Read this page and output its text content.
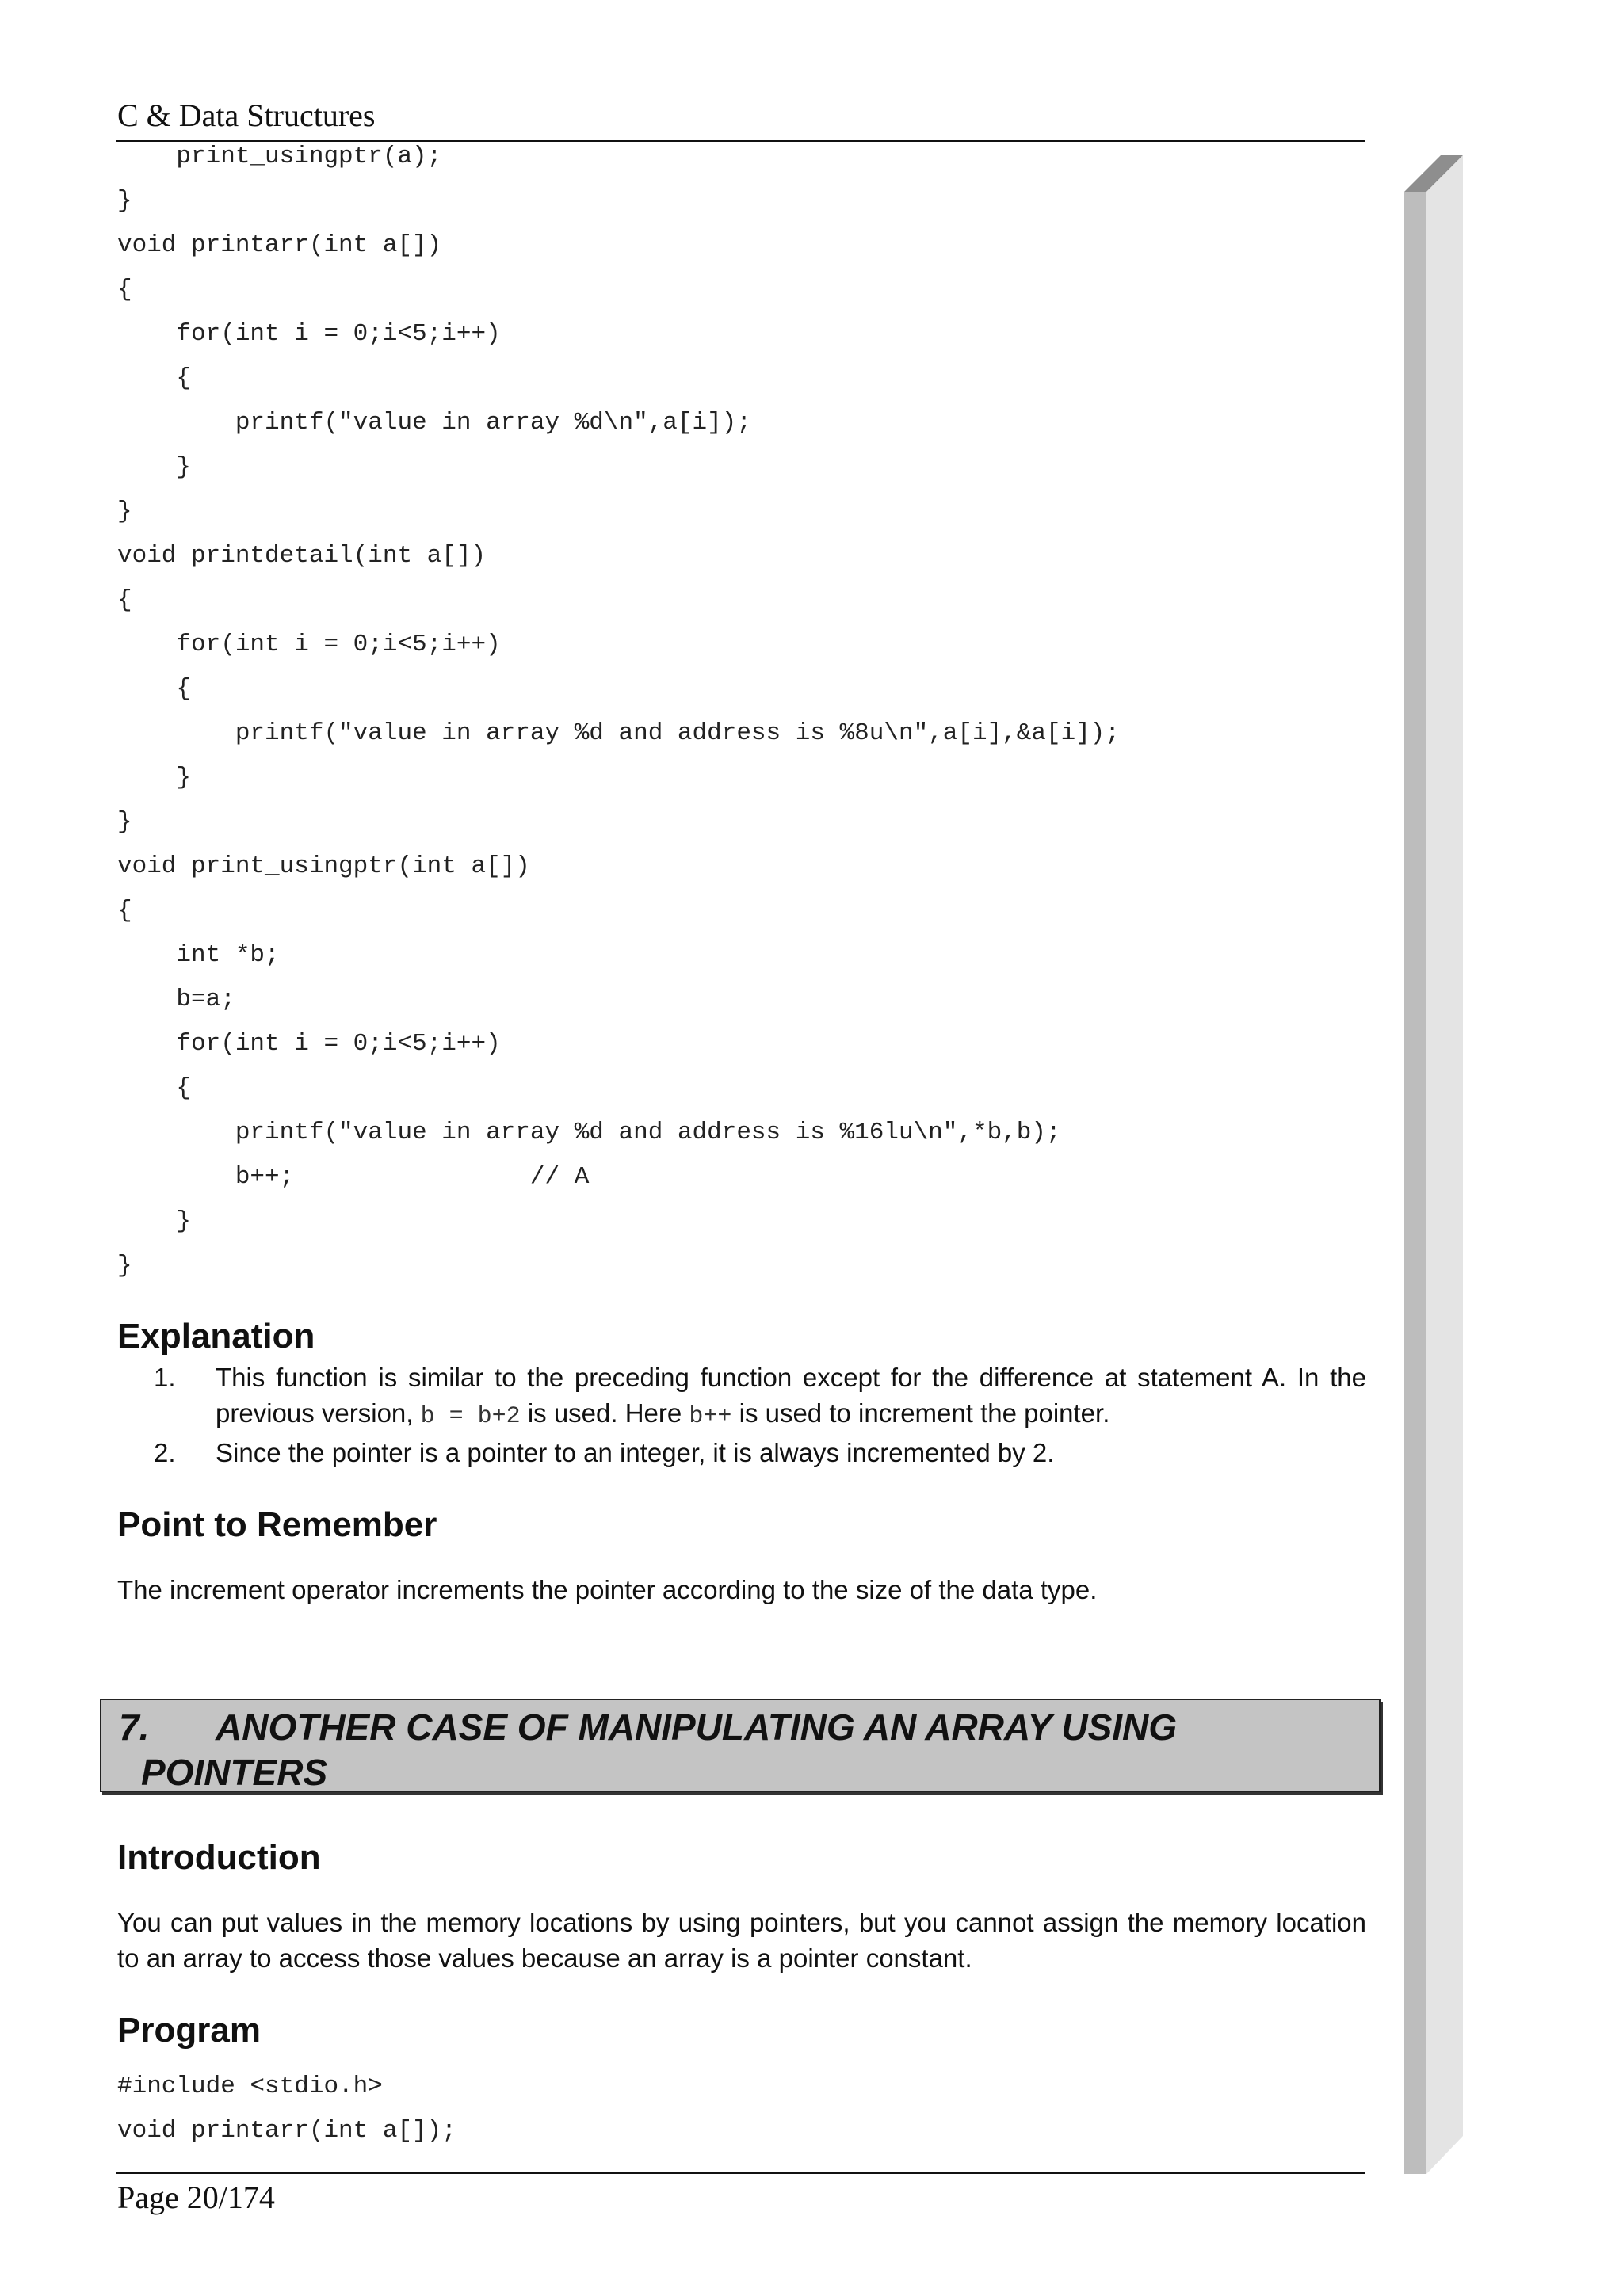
C & Data Structures
print_usingptr(a);
}
void printarr(int a[])
{
for(int i = 0;i<5;i++)
{
printf("value in array %d\n",a[i]);
}
}
void printdetail(int a[])
{
for(int i = 0;i<5;i++)
{
printf("value in array %d and address is %8u\n",a[i],&a[i]);
}
}
void print_usingptr(int a[])
{
int *b;
b=a;
for(int i = 0;i<5;i++)
{
printf("value in array %d and address is %16lu\n",*b,b);
b++;                // A
}
}
Explanation
1. This function is similar to the preceding function except for the difference at statement A. In the previous version, b = b+2 is used. Here b++ is used to increment the pointer.
2. Since the pointer is a pointer to an integer, it is always incremented by 2.
Point to Remember

The increment operator increments the pointer according to the size of the data type.

7. ANOTHER CASE OF MANIPULATING AN ARRAY USING
POINTERS
Introduction

You can put values in the memory locations by using pointers, but you cannot assign the memory location to an array to access those values because an array is a pointer constant.

Program
#include <stdio.h>
void printarr(int a[]);
Page 20/174
